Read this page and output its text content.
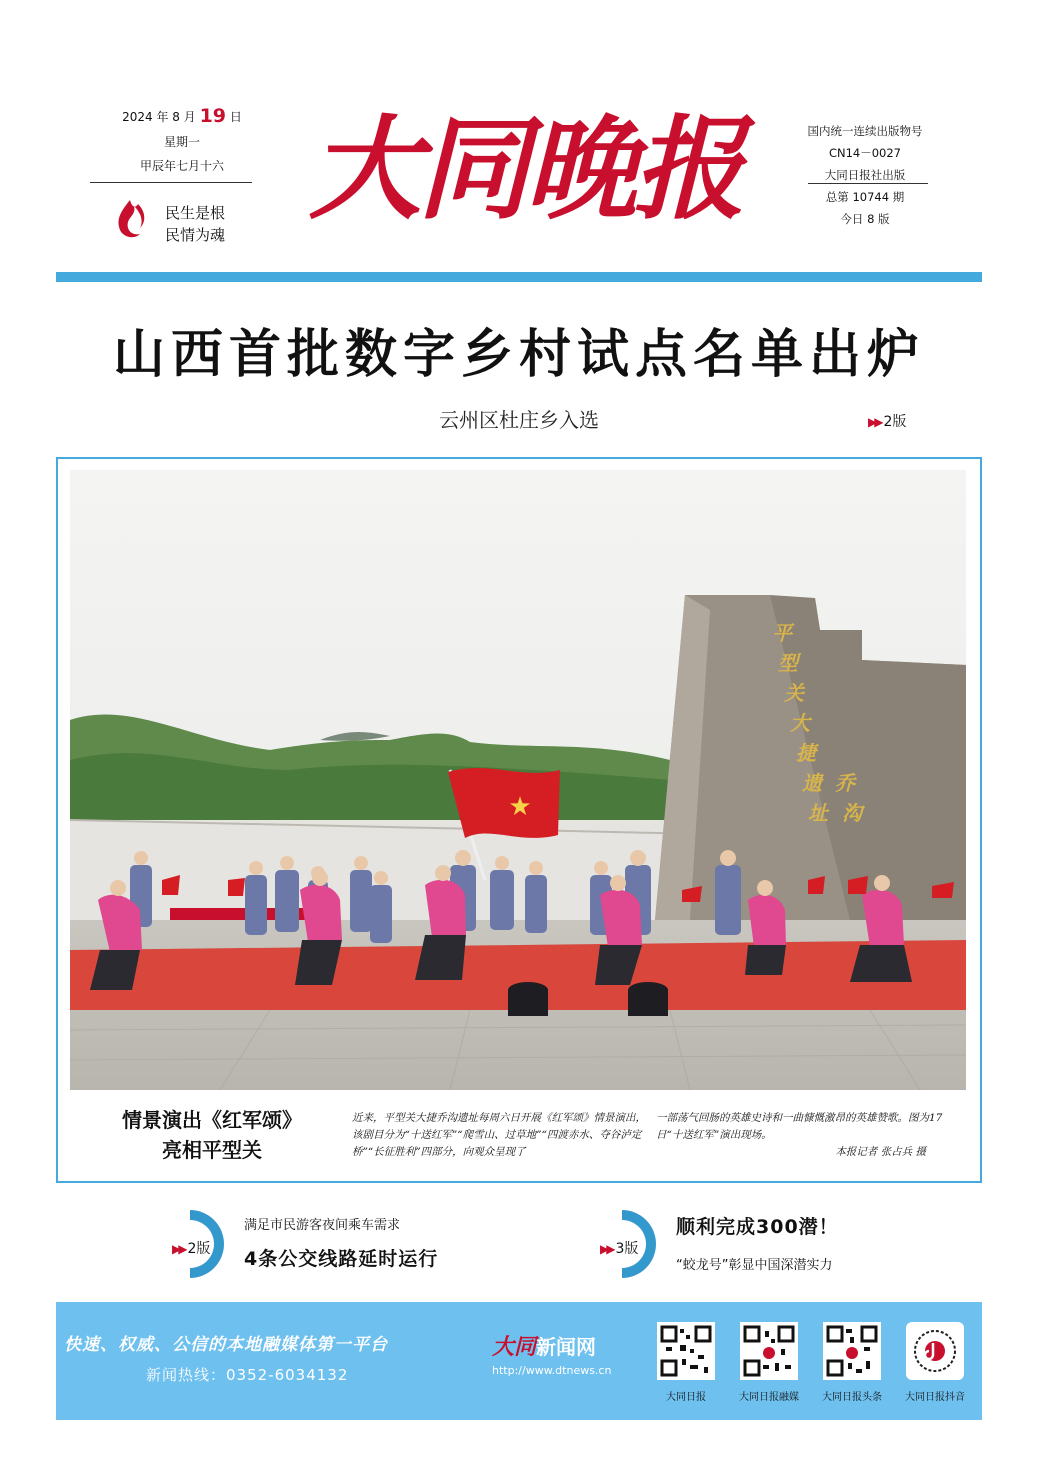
2024 年 8 月 19 日
星期一
甲辰年七月十六
民生是根
民情为魂 大同晚报	国内统一连续出版物号
CN14－0027
大同日报社出版
总第 10744 期
今日 8 版
山西首批数字乡村试点名单出炉
云州区杜庄乡入选	▶▶ 2版
平
型
关
大
捷
遗
址
乔
沟
★
情景演出《红军颂》
亮相平型关
近来，平型关大捷乔沟遗址每周六日开展《红军颂》情景演出，该剧目分为“十送红军”“爬雪山、过草地”“四渡赤水、夺谷泸定桥”“长征胜利”四部分，向观众呈现了
一部荡气回肠的英雄史诗和一曲慷慨激昂的英雄赞歌。图为17日“十送红军”演出现场。
本报记者 张占兵 摄
▶▶ 2版
满足市民游客夜间乘车需求
4条公交线路延时运行	▶▶ 3版
顺利完成300潜！
“蛟龙号”彰显中国深潜实力
快速、权威、公信的本地融媒体第一平台
新闻热线：0352-6034132
大同新闻网
http://www.dtnews.cn
大同日报	大同日报融媒	大同日报头条	大同日报抖音
